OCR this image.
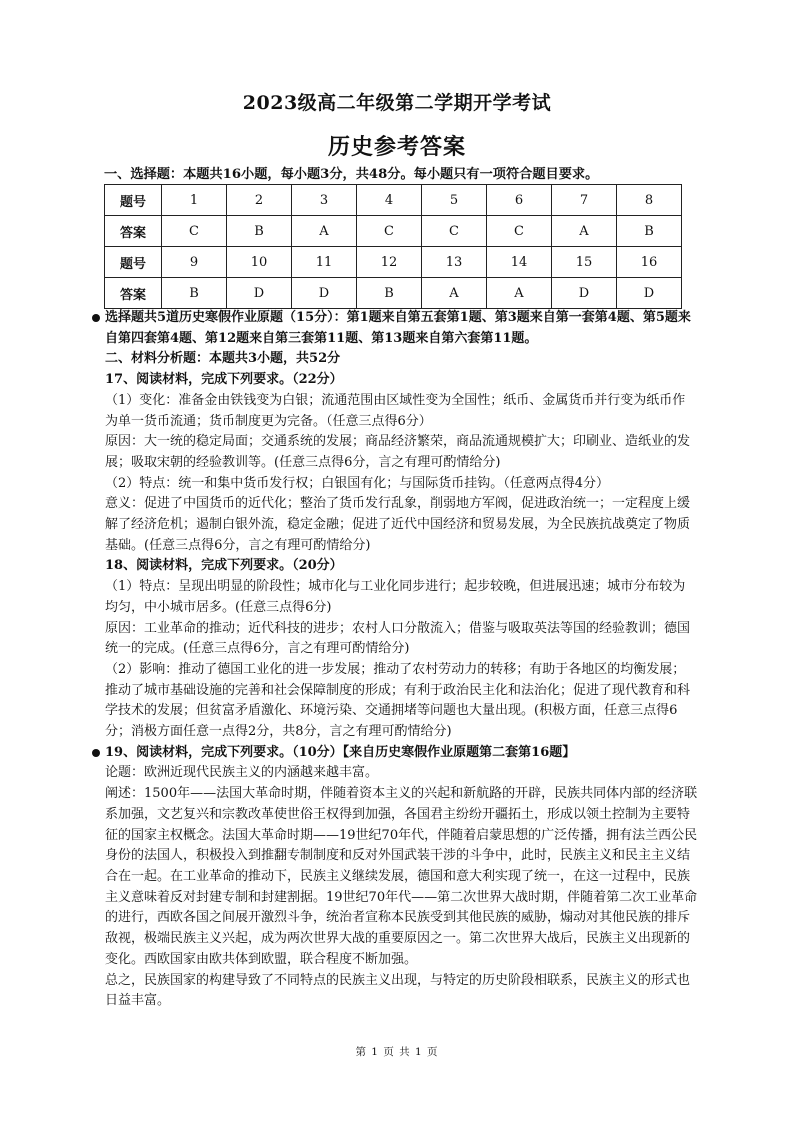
2023级高二年级第二学期开学考试
历史参考答案
一、选择题：本题共16小题，每小题3分，共48分。每小题只有一项符合题目要求。
题号	1	2	3	4	5	6	7	8
答案	C	B	A	C	C	C	A	B
题号	9	10	11	12	13	14	15	16
答案	B	D	D	B	A	A	D	D

选择题共5道历史寒假作业原题（15分）：第1题来自第五套第1题、第3题来自第一套第4题、第5题来自第四套第4题、第12题来自第三套第11题、第13题来自第六套第11题。

二、材料分析题：本题共3小题，共52分

17、阅读材料，完成下列要求。（22分）

（1）变化：准备金由铁钱变为白银；流通范围由区域性变为全国性；纸币、金属货币并行变为纸币作为单一货币流通；货币制度更为完备。（任意三点得6分）

原因：大一统的稳定局面；交通系统的发展；商品经济繁荣，商品流通规模扩大；印刷业、造纸业的发展；吸取宋朝的经验教训等。(任意三点得6分，言之有理可酌情给分)

（2）特点：统一和集中货币发行权；白银国有化；与国际货币挂钩。（任意两点得4分）

意义：促进了中国货币的近代化；整治了货币发行乱象，削弱地方军阀，促进政治统一；一定程度上缓解了经济危机；遏制白银外流，稳定金融；促进了近代中国经济和贸易发展，为全民族抗战奠定了物质基础。(任意三点得6分，言之有理可酌情给分)

18、阅读材料，完成下列要求。（20分）

（1）特点：呈现出明显的阶段性；城市化与工业化同步进行；起步较晚，但进展迅速；城市分布较为均匀，中小城市居多。(任意三点得6分)

原因：工业革命的推动；近代科技的进步；农村人口分散流入；借鉴与吸取英法等国的经验教训；德国统一的完成。(任意三点得6分，言之有理可酌情给分)

（2）影响：推动了德国工业化的进一步发展；推动了农村劳动力的转移；有助于各地区的均衡发展；推动了城市基础设施的完善和社会保障制度的形成；有利于政治民主化和法治化；促进了现代教育和科学技术的发展；但贫富矛盾激化、环境污染、交通拥堵等问题也大量出现。(积极方面，任意三点得6分；消极方面任意一点得2分，共8分，言之有理可酌情给分)

19、阅读材料，完成下列要求。（10分）【来自历史寒假作业原题第二套第16题】

论题：欧洲近现代民族主义的内涵越来越丰富。

阐述：1500年——法国大革命时期，伴随着资本主义的兴起和新航路的开辟，民族共同体内部的经济联系加强，文艺复兴和宗教改革使世俗王权得到加强，各国君主纷纷开疆拓土，形成以领土控制为主要特征的国家主权概念。法国大革命时期——19世纪70年代，伴随着启蒙思想的广泛传播，拥有法兰西公民身份的法国人，积极投入到推翻专制制度和反对外国武装干涉的斗争中，此时，民族主义和民主主义结合在一起。在工业革命的推动下，民族主义继续发展，德国和意大利实现了统一，在这一过程中，民族主义意味着反对封建专制和封建割据。19世纪70年代——第二次世界大战时期，伴随着第二次工业革命的进行，西欧各国之间展开激烈斗争，统治者宣称本民族受到其他民族的威胁，煽动对其他民族的排斥敌视，极端民族主义兴起，成为两次世界大战的重要原因之一。第二次世界大战后，民族主义出现新的变化。西欧国家由欧共体到欧盟，联合程度不断加强。

总之，民族国家的构建导致了不同特点的民族主义出现，与特定的历史阶段相联系，民族主义的形式也日益丰富。

第 1 页 共 1 页
